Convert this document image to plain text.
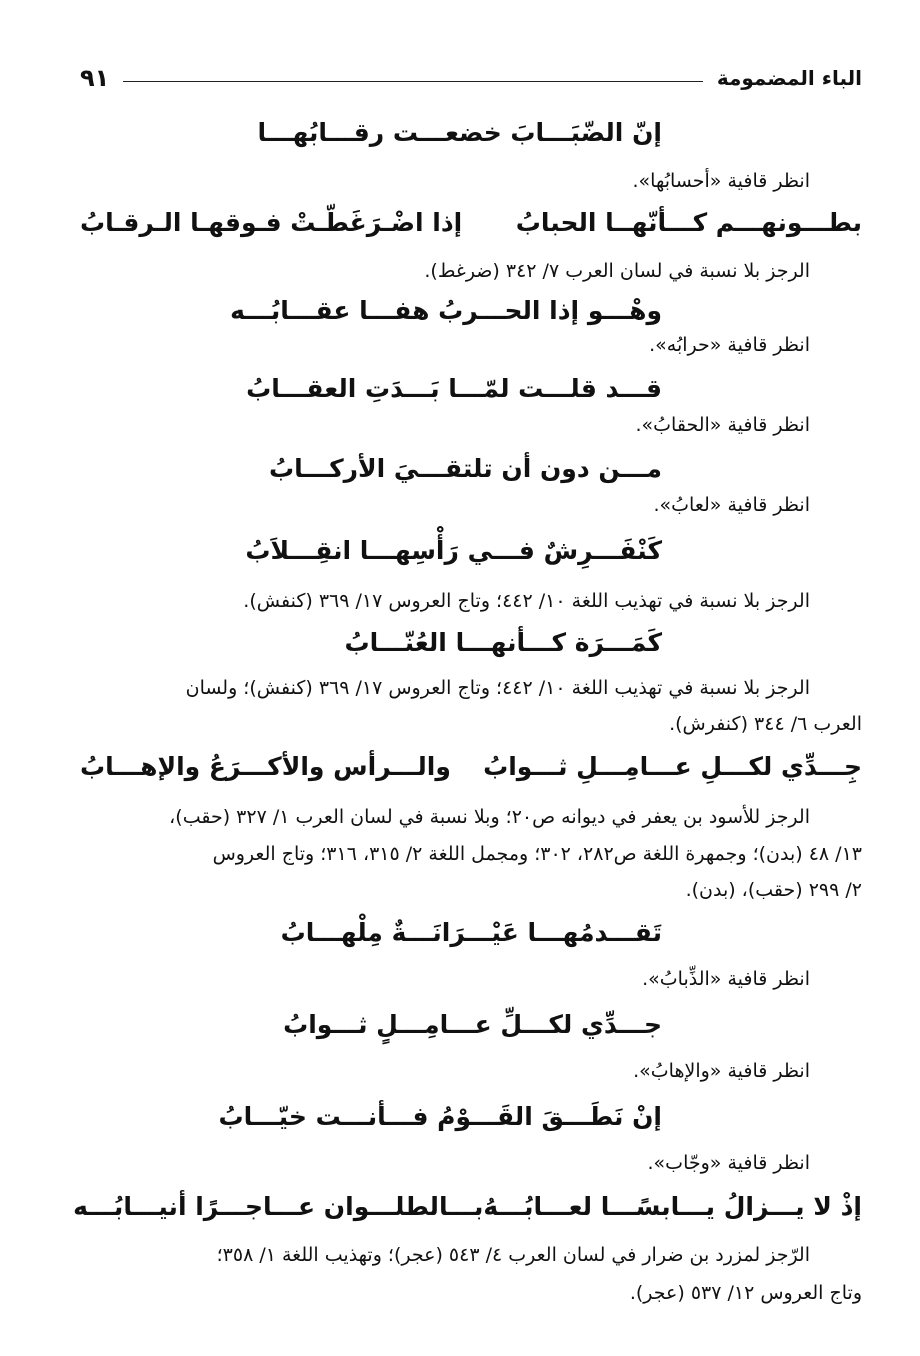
الباء المضمومة
٩١
إنّ الضّبَـــابَ خضعـــت رقـــابُهـــا
انظر قافية «أحسابُها».
بطـــونهـــم كـــأنّهــا الحبابُ
إذا اضْـرَغَطّـتْ فـوقهـا الـرقـابُ
الرجز بلا نسبة في لسان العرب ٧/ ٣٤٢ (ضرغط).
وهْـــو إذا الحـــربُ هفـــا عقـــابُـــه
انظر قافية «حرابُه».
قـــد قلـــت لمّـــا بَـــدَتِ العقـــابُ
انظر قافية «الحقابُ».
مـــن دون أن تلتقـــيَ الأركـــابُ
انظر قافية «لعابُ».
كَنْفَـــرِشٌ فـــي رَأْسِهـــا انقِـــلاَبُ
الرجز بلا نسبة في تهذيب اللغة ١٠/ ٤٤٢؛ وتاج العروس ١٧/ ٣٦٩ (كنفش).
كَمَـــرَة كـــأنهـــا العُنّـــابُ
الرجز بلا نسبة في تهذيب اللغة ١٠/ ٤٤٢؛ وتاج العروس ١٧/ ٣٦٩ (كنفش)؛ ولسان
العرب ٦/ ٣٤٤ (كنفرش).
جِـــدِّي لكـــلِ عـــامِـــلِ ثـــوابُ
والـــرأس والأكـــرَعُ والإهـــابُ
الرجز للأسود بن يعفر في ديوانه ص٢٠؛ وبلا نسبة في لسان العرب ١/ ٣٢٧ (حقب)،
١٣/ ٤٨ (بدن)؛ وجمهرة اللغة ص٢٨٢، ٣٠٢؛ ومجمل اللغة ٢/ ٣١٥، ٣١٦؛ وتاج العروس
٢/ ٢٩٩ (حقب)، (بدن).
تَقـــدمُهـــا عَيْـــرَانَـــةٌ مِلْهـــابُ
انظر قافية «الذِّبابُ».
جـــدِّي لكـــلِّ عـــامِـــلٍ ثـــوابُ
انظر قافية «والإهابُ».
إنْ نَطَـــقَ القَـــوْمُ فـــأنـــت خيّـــابُ
انظر قافية «وجّاب».
إذْ لا يـــزالُ يـــابسًـــا لعـــابُـــهُ
بـــالطلـــوان عـــاجـــرًا أنيـــابُـــه
الرّجز لمزرد بن ضرار في لسان العرب ٤/ ٥٤٣ (عجر)؛ وتهذيب اللغة ١/ ٣٥٨؛
وتاج العروس ١٢/ ٥٣٧ (عجر).
